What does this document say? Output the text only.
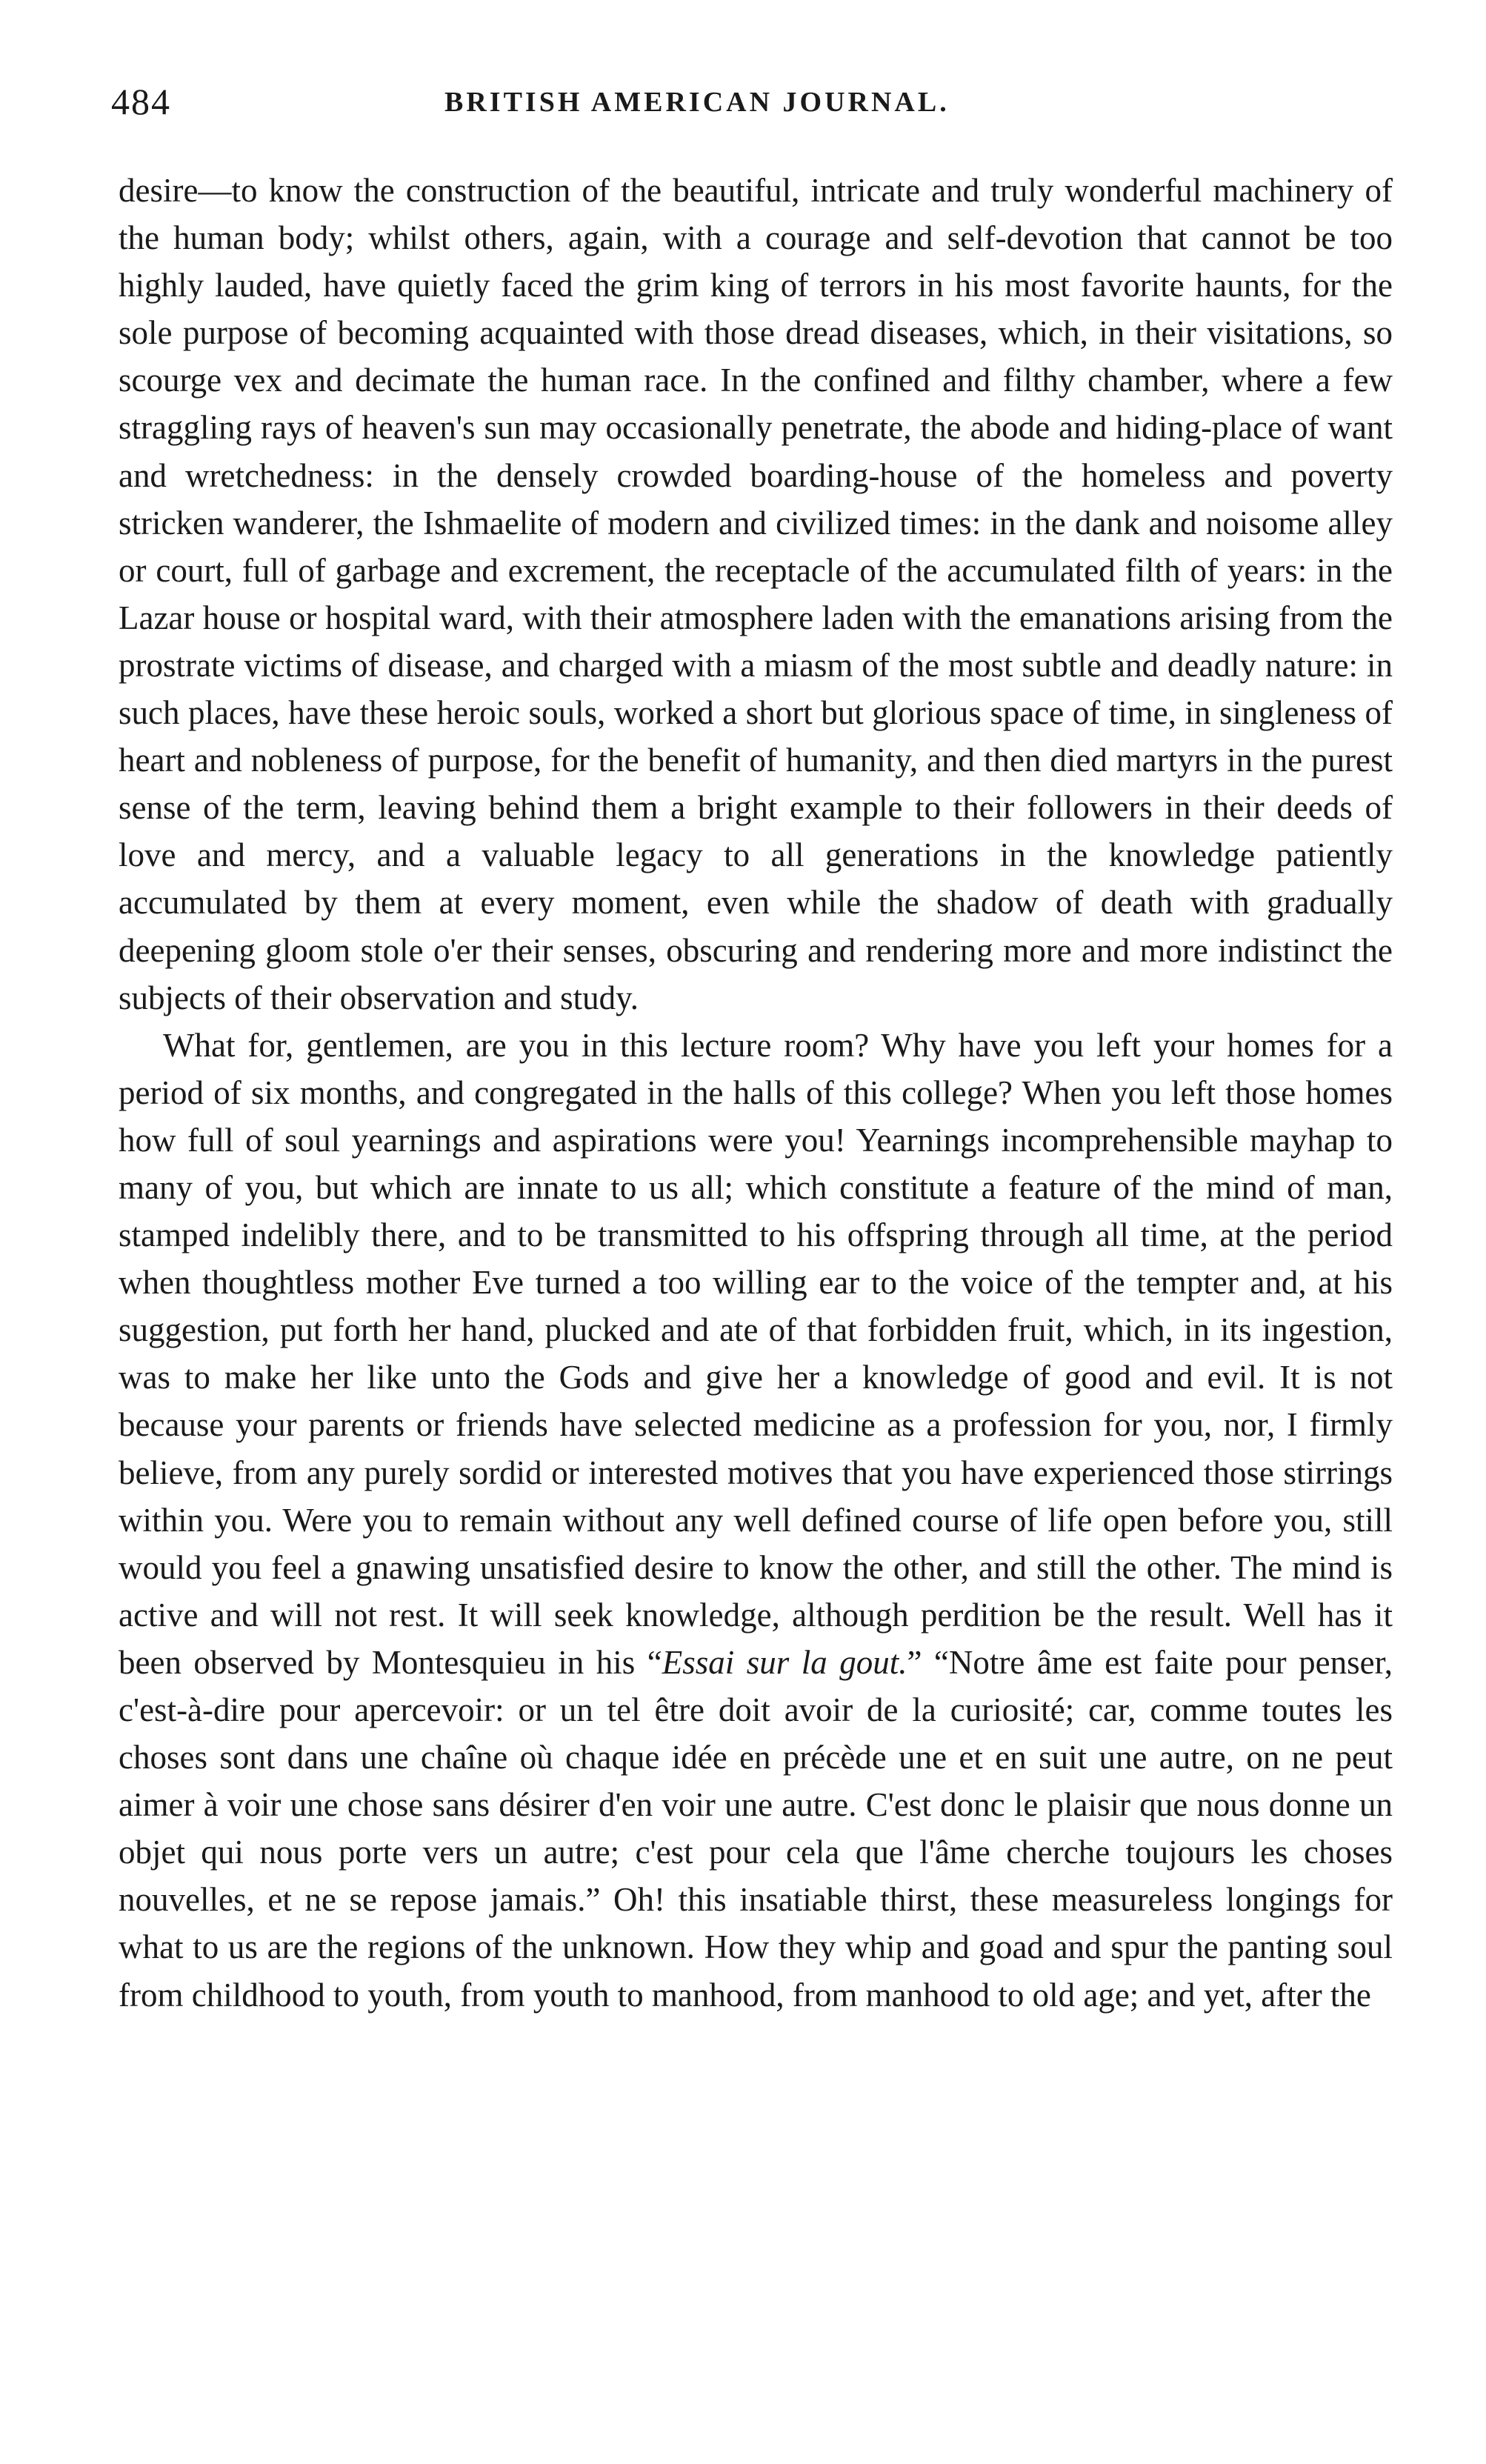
484	BRITISH AMERICAN JOURNAL.

desire—to know the construction of the beautiful, intricate and truly wonderful machinery of the human body; whilst others, again, with a courage and self-devotion that cannot be too highly lauded, have quietly faced the grim king of terrors in his most favorite haunts, for the sole purpose of becoming acquainted with those dread diseases, which, in their visitations, so scourge vex and decimate the human race. In the confined and filthy chamber, where a few straggling rays of heaven's sun may occasionally penetrate, the abode and hiding-place of want and wretchedness: in the densely crowded boarding-house of the homeless and poverty stricken wanderer, the Ishmaelite of modern and civilized times: in the dank and noisome alley or court, full of garbage and excrement, the receptacle of the accumulated filth of years: in the Lazar house or hospital ward, with their atmosphere laden with the emanations arising from the prostrate victims of disease, and charged with a miasm of the most subtle and deadly nature: in such places, have these heroic souls, worked a short but glorious space of time, in singleness of heart and nobleness of purpose, for the benefit of humanity, and then died martyrs in the purest sense of the term, leaving behind them a bright example to their followers in their deeds of love and mercy, and a valuable legacy to all generations in the knowledge patiently accumulated by them at every moment, even while the shadow of death with gradually deepening gloom stole o'er their senses, obscuring and rendering more and more indistinct the subjects of their observation and study.

What for, gentlemen, are you in this lecture room? Why have you left your homes for a period of six months, and congregated in the halls of this college? When you left those homes how full of soul yearnings and aspirations were you! Yearnings incomprehensible mayhap to many of you, but which are innate to us all; which constitute a feature of the mind of man, stamped indelibly there, and to be transmitted to his offspring through all time, at the period when thoughtless mother Eve turned a too willing ear to the voice of the tempter and, at his suggestion, put forth her hand, plucked and ate of that forbidden fruit, which, in its ingestion, was to make her like unto the Gods and give her a knowledge of good and evil. It is not because your parents or friends have selected medicine as a profession for you, nor, I firmly believe, from any purely sordid or interested motives that you have experienced those stirrings within you. Were you to remain without any well defined course of life open before you, still would you feel a gnawing unsatisfied desire to know the other, and still the other. The mind is active and will not rest. It will seek knowledge, although perdition be the result. Well has it been observed by Montesquieu in his “Essai sur la gout.” “Notre âme est faite pour penser, c'est-à-dire pour apercevoir: or un tel être doit avoir de la curiosité; car, comme toutes les choses sont dans une chaîne où chaque idée en précède une et en suit une autre, on ne peut aimer à voir une chose sans désirer d'en voir une autre. C'est donc le plaisir que nous donne un objet qui nous porte vers un autre; c'est pour cela que l'âme cherche toujours les choses nouvelles, et ne se repose jamais.” Oh! this insatiable thirst, these measureless longings for what to us are the regions of the unknown. How they whip and goad and spur the panting soul from childhood to youth, from youth to manhood, from manhood to old age; and yet, after the
